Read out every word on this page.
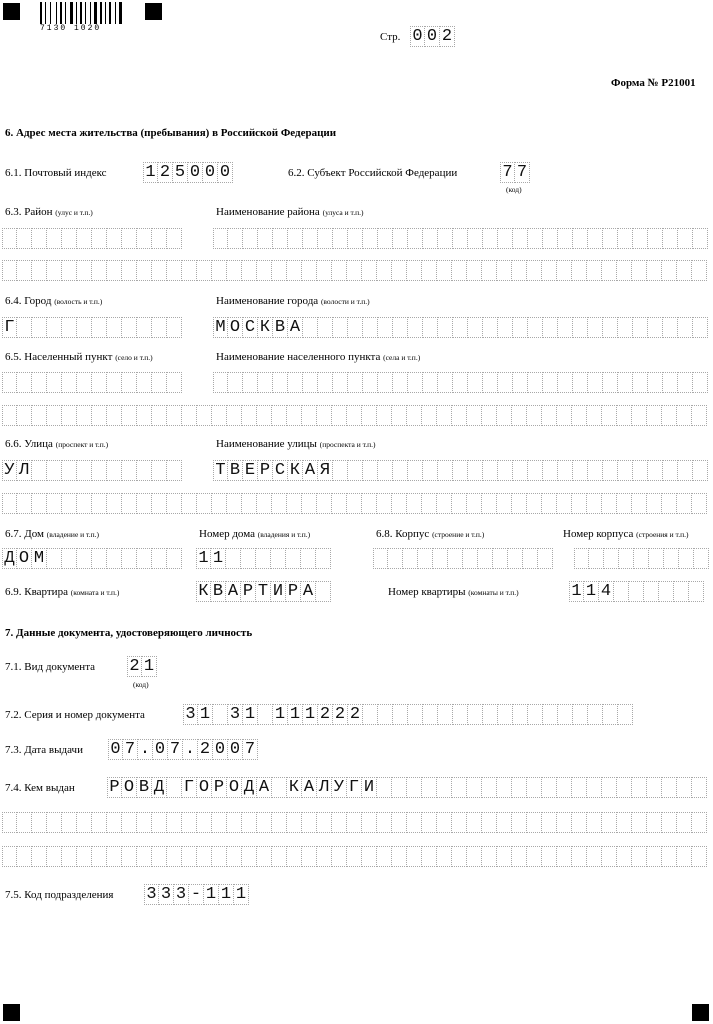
7130 1020
Стр. 0 0 2
Форма № Р21001
6. Адрес места жительства (пребывания) в Российской Федерации
6.1. Почтовый индекс 1 2 5 0 0 0	6.2. Субъект Российской Федерации	7 7
(код)
6.3. Район (улус и т.п.)	Наименование района (улуса и т.п.)
6.4. Город (волость и т.п.)	Наименование города (волости и т.п.)
Г	М О С К В А
6.5. Населенный пункт (село и т.п.)	Наименование населенного пункта (села и т.п.)
6.6. Улица (проспект и т.п.)	Наименование улицы (проспекта и т.п.)
У Л	Т В Е Р С К А Я
6.7. Дом (владение и т.п.)	Номер дома (владения и т.п.)	6.8. Корпус (строение и т.п.)	Номер корпуса (строения и т.п.)
Д О М	1 1
6.9. Квартира (комната и т.п.)	К В А Р Т И Р А	Номер квартиры (комнаты и т.п.)	1 1 4
7. Данные документа, удостоверяющего личность
7.1. Вид документа 2 1
(код)
7.2. Серия и номер документа 3 1 3 1 1 1 1 2 2 2
7.3. Дата выдачи 0 7 . 0 7 . 2 0 0 7
7.4. Кем выдан Р О В Д Г О Р О Д А К А Л У Г И
7.5. Код подразделения 3 3 3 - 1 1 1
